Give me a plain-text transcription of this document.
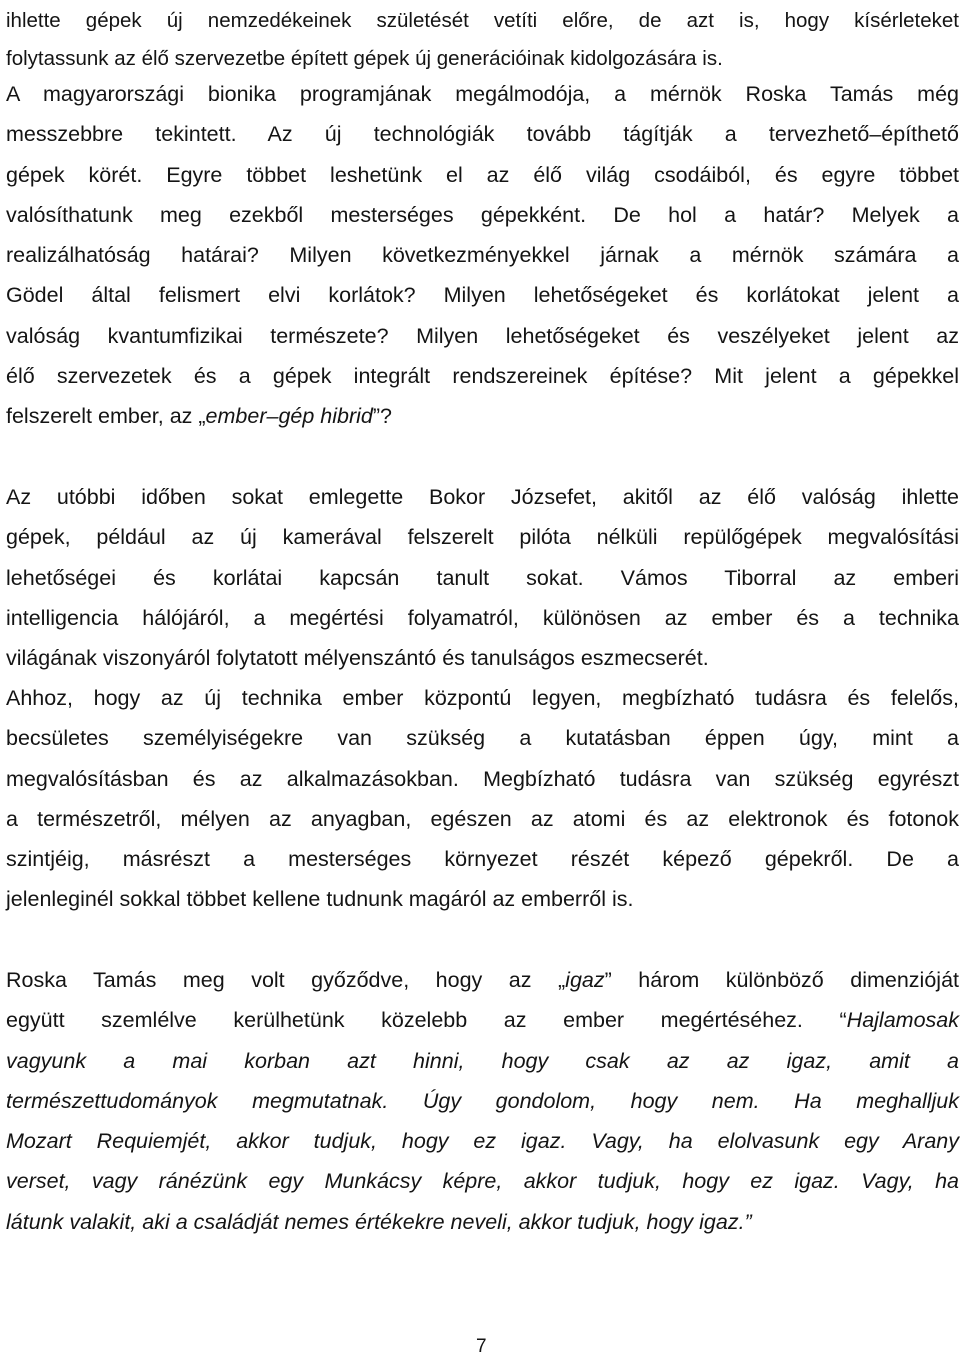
ihlette gépek új nemzedékeinek születését vetíti előre, de azt is, hogy kísérleteket
folytassunk az élő szervezetbe épített gépek új generációinak kidolgozására is.
A magyarországi bionika programjának megálmodója, a mérnök Roska Tamás még
messzebbre tekintett. Az új technológiák tovább tágítják a tervezhető–építhető
gépek körét. Egyre többet leshetünk el az élő világ csodáiból, és egyre többet
valósíthatunk meg ezekből mesterséges gépekként. De hol a határ? Melyek a
realizálhatóság határai? Milyen következményekkel járnak a mérnök számára a
Gödel által felismert elvi korlátok? Milyen lehetőségeket és korlátokat jelent a
valóság kvantumfizikai természete? Milyen lehetőségeket és veszélyeket jelent az
élő szervezetek és a gépek integrált rendszereinek építése? Mit jelent a gépekkel
felszerelt ember, az „ember–gép hibrid”?
Az utóbbi időben sokat emlegette Bokor Józsefet, akitől az élő valóság ihlette
gépek, például az új kamerával felszerelt pilóta nélküli repülőgépek megvalósítási
lehetőségei és korlátai kapcsán tanult sokat. Vámos Tiborral az emberi
intelligencia hálójáról, a megértési folyamatról, különösen az ember és a technika
világának viszonyáról folytatott mélyenszántó és tanulságos eszmecserét.
Ahhoz, hogy az új technika ember központú legyen, megbízható tudásra és felelős,
becsületes személyiségekre van szükség a kutatásban éppen úgy, mint a
megvalósításban és az alkalmazásokban. Megbízható tudásra van szükség egyrészt
a természetről, mélyen az anyagban, egészen az atomi és az elektronok és fotonok
szintjéig, másrészt a mesterséges környezet részét képező gépekről. De a
jelenleginél sokkal többet kellene tudnunk magáról az emberről is.
Roska Tamás meg volt győződve, hogy az „igaz” három különböző dimenzióját
együtt szemlélve kerülhetünk közelebb az ember megértéséhez. “Hajlamosak
vagyunk a mai korban azt hinni, hogy csak az az igaz, amit a
természettudományok megmutatnak. Úgy gondolom, hogy nem. Ha meghalljuk
Mozart Requiemjét, akkor tudjuk, hogy ez igaz. Vagy, ha elolvasunk egy Arany
verset, vagy ránézünk egy Munkácsy képre, akkor tudjuk, hogy ez igaz. Vagy, ha
látunk valakit, aki a családját nemes értékekre neveli, akkor tudjuk, hogy igaz.”
7
